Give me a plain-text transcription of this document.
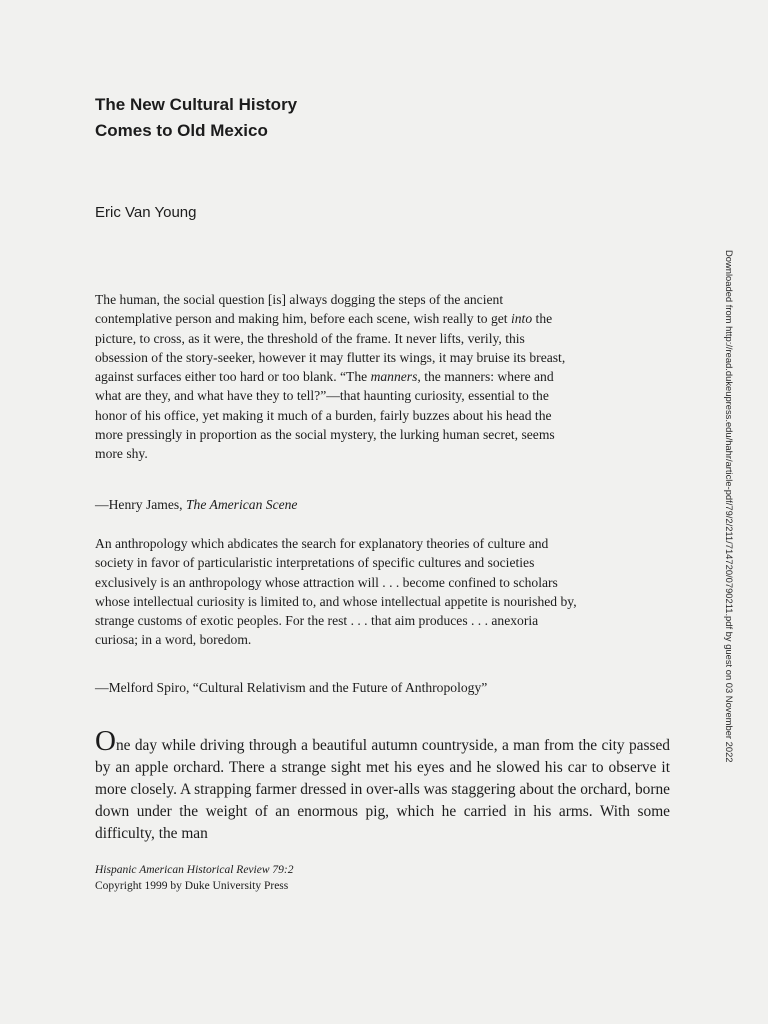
The New Cultural History

Comes to Old Mexico

Eric Van Young

The human, the social question [is] always dogging the steps of the ancient contemplative person and making him, before each scene, wish really to get into the picture, to cross, as it were, the threshold of the frame. It never lifts, verily, this obsession of the story-seeker, however it may flutter its wings, it may bruise its breast, against surfaces either too hard or too blank. “The manners, the manners: where and what are they, and what have they to tell?”—that haunting curiosity, essential to the honor of his office, yet making it much of a burden, fairly buzzes about his head the more pressingly in proportion as the social mystery, the lurking human secret, seems more shy.

—Henry James, The American Scene

An anthropology which abdicates the search for explanatory theories of culture and society in favor of particularistic interpretations of specific cultures and societies exclusively is an anthropology whose attraction will . . . become confined to scholars whose intellectual curiosity is limited to, and whose intellectual appetite is nourished by, strange customs of exotic peoples. For the rest . . . that aim produces . . . anexoria curiosa; in a word, boredom.

—Melford Spiro, “Cultural Relativism and the Future of Anthropology”

One day while driving through a beautiful autumn countryside, a man from the city passed by an apple orchard. There a strange sight met his eyes and he slowed his car to observe it more closely. A strapping farmer dressed in over-alls was staggering about the orchard, borne down under the weight of an enormous pig, which he carried in his arms. With some difficulty, the man

Hispanic American Historical Review 79:2

Copyright 1999 by Duke University Press

Downloaded from http://read.dukeupress.edu/hahr/article-pdf/79/2/211/714720/0790211.pdf by guest on 03 November 2022
